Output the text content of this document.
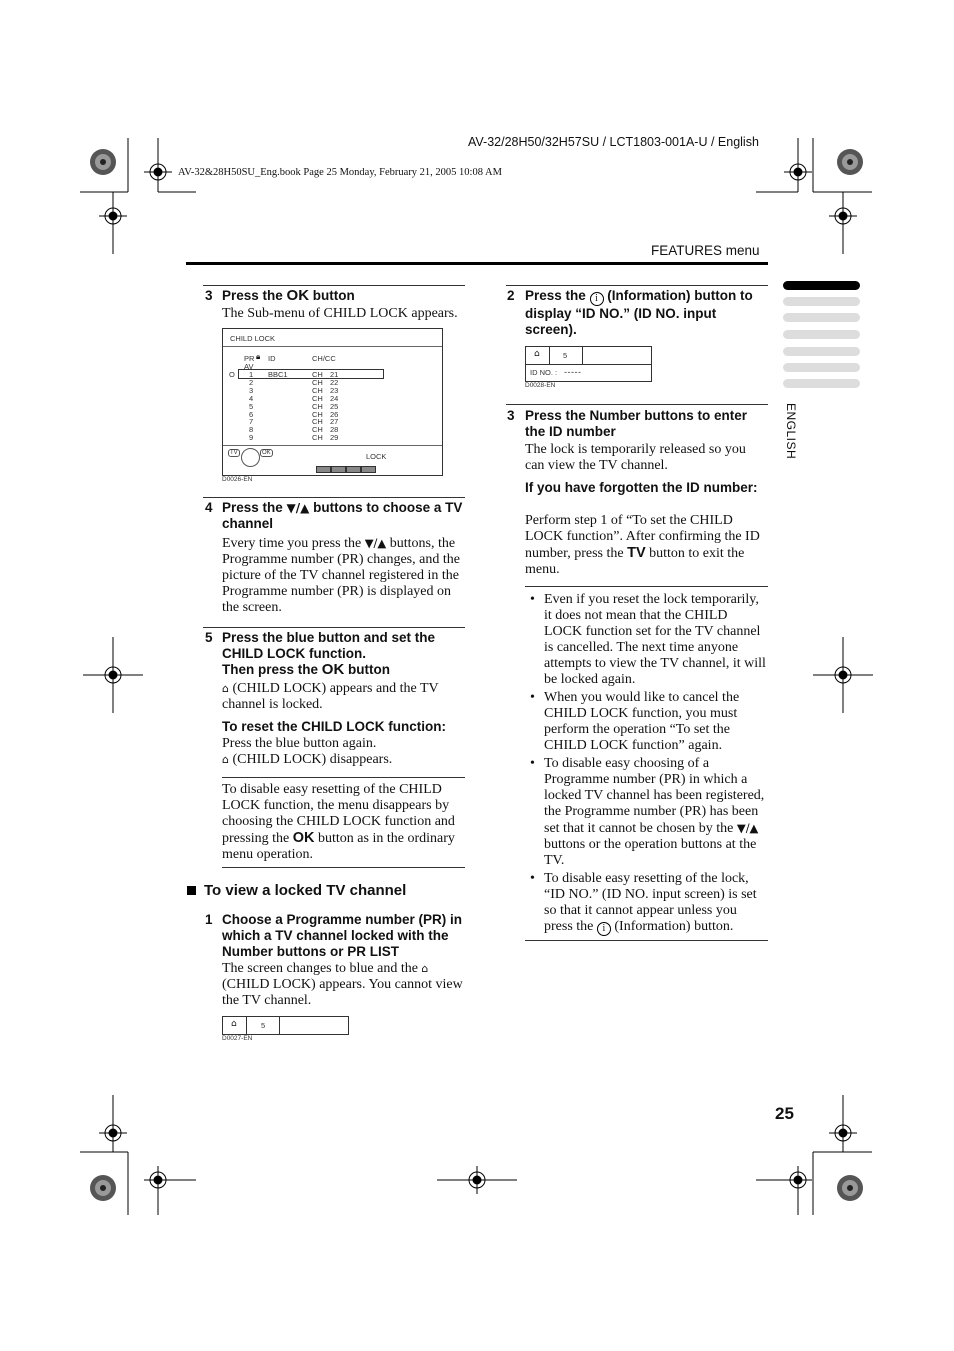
AV-32/28H50/32H57SU / LCT1803-001A-U / English
AV-32&28H50SU_Eng.book Page 25 Monday, February 21, 2005 10:08 AM
FEATURES menu
ENGLISH
3 Press the OK button
The Sub-menu of CHILD LOCK appears.
CHILD LOCK
PR 🔒︎ ID	CH/CC
AV
O 1 BBC1	CH 21
2	CH 22
3	CH 23
4	CH 24
5	CH 25
6	CH 26
7	CH 27
8	CH 28
9	CH 29
TV	OK	LOCK
D0026-EN
4 Press the ▼/▲ buttons to choose a TV channel
Every time you press the ▼/▲ buttons, the Programme number (PR) changes, and the picture of the TV channel registered in the Programme number (PR) is displayed on the screen.
5 Press the blue button and set the CHILD LOCK function.
Then press the OK button
⌂ (CHILD LOCK) appears and the TV channel is locked.
To reset the CHILD LOCK function:
Press the blue button again.
⌂ (CHILD LOCK) disappears.
To disable easy resetting of the CHILD LOCK function, the menu disappears by choosing the CHILD LOCK function and pressing the OK button as in the ordinary menu operation.
To view a locked TV channel
1 Choose a Programme number (PR) in which a TV channel locked with the Number buttons or PR LIST
The screen changes to blue and the ⌂ (CHILD LOCK) appears. You cannot view the TV channel.
⌂	5
D0027-EN
2 Press the i (Information) button to display “ID NO.” (ID NO. input screen).
⌂	5
ID NO. : -----
D0028-EN
3 Press the Number buttons to enter the ID number
The lock is temporarily released so you can view the TV channel.
If you have forgotten the ID number:
Perform step 1 of “To set the CHILD LOCK function”. After confirming the ID number, press the TV button to exit the menu.
• Even if you reset the lock temporarily, it does not mean that the CHILD LOCK function set for the TV channel is cancelled. The next time anyone attempts to view the TV channel, it will be locked again.
• When you would like to cancel the CHILD LOCK function, you must perform the operation “To set the CHILD LOCK function” again.
• To disable easy choosing of a Programme number (PR) in which a locked TV channel has been registered, the Programme number (PR) has been set that it cannot be chosen by the ▼/▲ buttons or the operation buttons at the TV.
• To disable easy resetting of the lock, “ID NO.” (ID NO. input screen) is set so that it cannot appear unless you press the i (Information) button.
25
